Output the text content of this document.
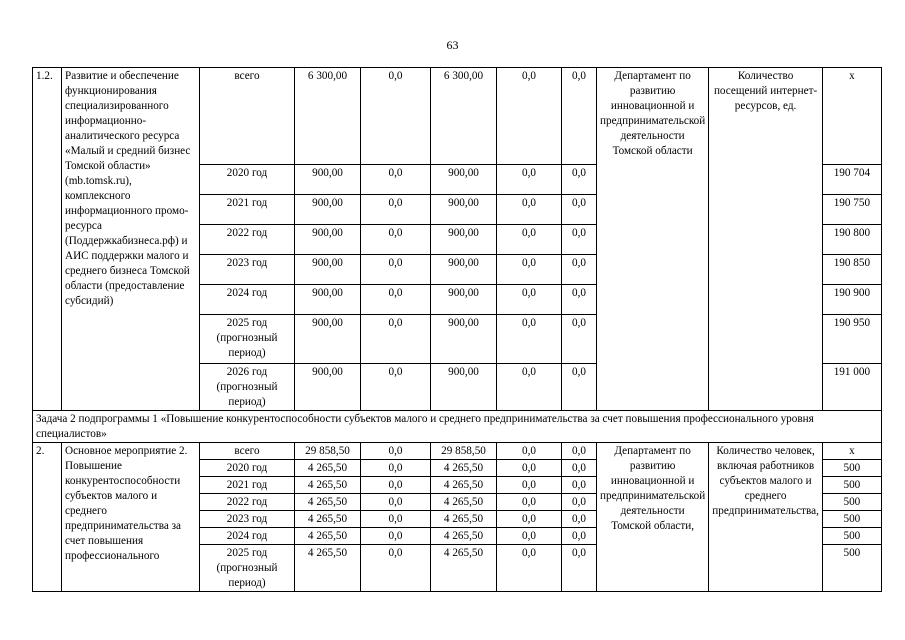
63
1.2.	Развитие и обеспечение функционирования специализированного информационно-аналитического ресурса «Малый и средний бизнес Томской области» (mb.tomsk.ru), комплексного информационного промо-ресурса (Поддержкабизнеса.рф) и АИС поддержки малого и среднего бизнеса Томской области (предоставление субсидий)	всего	6 300,00	0,0	6 300,00	0,0	0,0	Департамент по развитию инновационной и предпринимательской деятельности Томской области	Количество посещений интернет-ресурсов, ед.	x
		2020 год	900,00	0,0	900,00	0,0	0,0			190 704
		2021 год	900,00	0,0	900,00	0,0	0,0			190 750
		2022 год	900,00	0,0	900,00	0,0	0,0			190 800
		2023 год	900,00	0,0	900,00	0,0	0,0			190 850
		2024 год	900,00	0,0	900,00	0,0	0,0			190 900
		2025 год (прогнозный период)	900,00	0,0	900,00	0,0	0,0			190 950
		2026 год (прогнозный период)	900,00	0,0	900,00	0,0	0,0			191 000
Задача 2 подпрограммы 1 «Повышение конкурентоспособности субъектов малого и среднего предпринимательства за счет повышения профессионального уровня специалистов»										
2.	Основное мероприятие 2. Повышение конкурентоспособности субъектов малого и среднего предпринимательства за счет повышения профессионального	всего	29 858,50	0,0	29 858,50	0,0	0,0	Департамент по развитию инновационной и предпринимательской деятельности Томской области,	Количество человек, включая работников субъектов малого и среднего предпринимательства,	x
		2020 год	4 265,50	0,0	4 265,50	0,0	0,0			500
		2021 год	4 265,50	0,0	4 265,50	0,0	0,0			500
		2022 год	4 265,50	0,0	4 265,50	0,0	0,0			500
		2023 год	4 265,50	0,0	4 265,50	0,0	0,0			500
		2024 год	4 265,50	0,0	4 265,50	0,0	0,0			500
		2025 год (прогнозный период)	4 265,50	0,0	4 265,50	0,0	0,0			500
